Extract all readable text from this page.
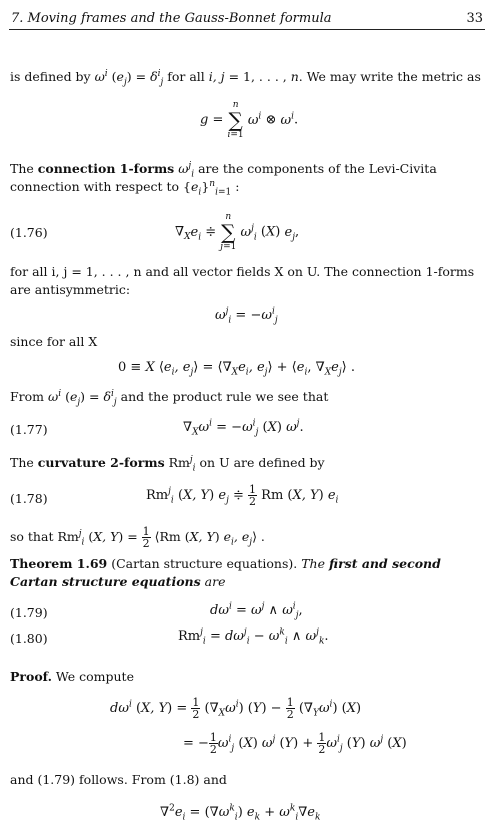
7. Moving frames and the Gauss-Bonnet formula	33
is defined by $\omega^i$ $(e_j) = \delta^i_j$ for all i, j = 1, . . . , n. We may write the metric as
g =
n
∑
i=1
$\omega^i$ ⊗ $\omega^i$.
The connection 1-forms $\omega^j_i$ are the components of the Levi-Civita connection with respect to $\{e_i\}^n_{i=1}$ :
(1.76)	$\nabla_Xe_i$ ≑
n
∑
j=1
$\omega^j_i$ (X) $e_j$,
for all i, j = 1, . . . , n and all vector fields X on U. The connection 1-forms are antisymmetric:
$\omega^j_i = -\omega^i_j$
since for all X
0 ≡ X $⟨e_i$, $e_j⟩$ = $⟨\nabla_Xe_i$, $e_j⟩$ + $⟨e_i$, $\nabla_Xe_j⟩$ .
From $\omega^i$ $(e_j) = \delta^i_j$ and the product rule we see that
(1.77)	$\nabla_X\omega^i = -\omega^i_j$ (X) $\omega^j$.
The curvature 2-forms $Rm^j_i$ on U are defined by
(1.78)	$Rm^j_i$ (X, Y) $e_j$ ≑ $\frac{1}{2}$ Rm (X, Y) $e_i$
so that $Rm^j_i$ (X, $Y) = \frac{1}{2}$ ⟨Rm (X, Y) $e_i$, $e_j⟩$ .
Theorem 1.69 (Cartan structure equations). The first and second Cartan structure equations are
(1.79)	$d\omega^i = \omega^j$ ∧ $\omega^i_j$,
(1.80)	$Rm^j_i = d\omega^j_i - \omega^k_i$ ∧ $\omega^j_k$.
Proof. We compute
$d\omega^i$ (X, $Y) = \frac{1}{2} (\nabla_X\omega^i) (Y) - \frac{1}{2} (\nabla_Y\omega^i)$ (X)
= − $\frac{1}{2} \omega^i_j$ (X) $\omega^j$ $(Y) + \frac{1}{2} \omega^i_j$ (Y) $\omega^j$ (X)
and (1.79) follows. From (1.8) and
$\nabla^2e_i = (\nabla\omega^k_i) e_k + \omega^k_i\nabla e_k$
